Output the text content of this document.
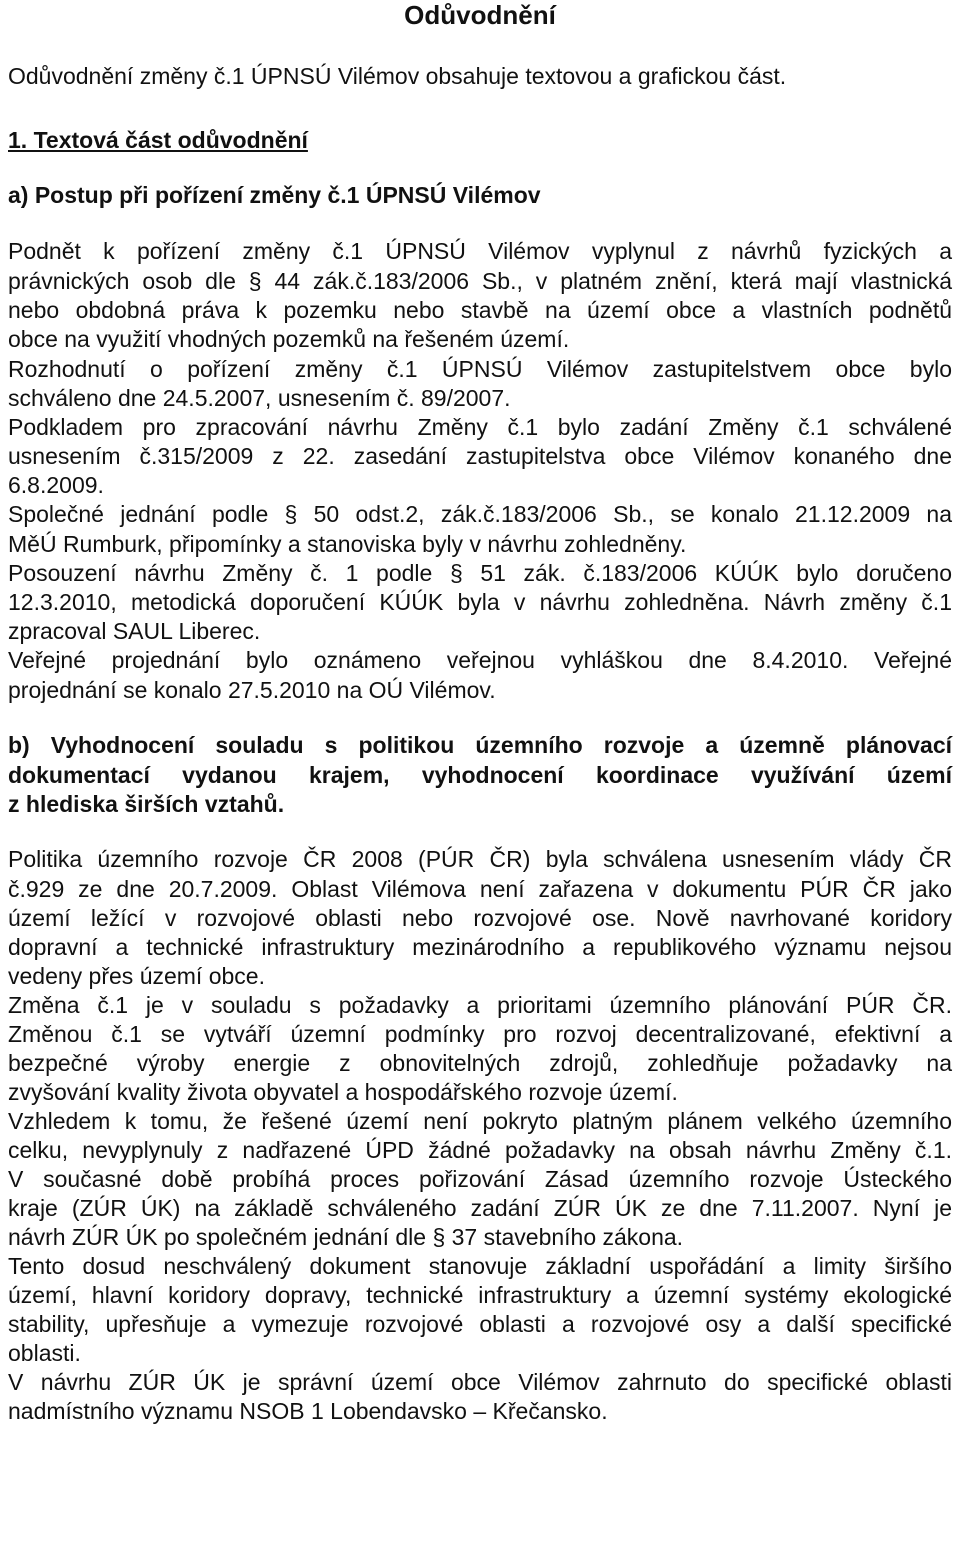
Odůvodnění
Odůvodnění změny č.1 ÚPNSÚ Vilémov obsahuje textovou a grafickou část.
1. Textová část odůvodnění
a) Postup při pořízení změny č.1 ÚPNSÚ Vilémov
Podnět k pořízení změny č.1 ÚPNSÚ Vilémov vyplynul z návrhů fyzických a
právnických osob dle § 44 zák.č.183/2006 Sb., v platném znění, která mají vlastnická
nebo obdobná práva k pozemku nebo stavbě na území obce a vlastních podnětů
obce na využití vhodných pozemků na řešeném území.
Rozhodnutí o pořízení změny č.1 ÚPNSÚ Vilémov zastupitelstvem obce bylo
schváleno dne 24.5.2007, usnesením č. 89/2007.
Podkladem pro zpracování návrhu Změny č.1 bylo zadání Změny č.1 schválené
usnesením č.315/2009 z 22. zasedání zastupitelstva obce Vilémov konaného dne
6.8.2009.
Společné jednání podle § 50 odst.2, zák.č.183/2006 Sb., se konalo 21.12.2009 na
MěÚ Rumburk, připomínky a stanoviska byly v návrhu zohledněny.
Posouzení návrhu Změny č. 1 podle § 51 zák. č.183/2006 KÚÚK bylo doručeno
12.3.2010, metodická doporučení KÚÚK byla v návrhu zohledněna. Návrh změny č.1
zpracoval SAUL Liberec.
Veřejné projednání bylo oznámeno veřejnou vyhláškou dne 8.4.2010. Veřejné
projednání se konalo 27.5.2010 na OÚ Vilémov.
b) Vyhodnocení souladu s politikou územního rozvoje a územně plánovací
dokumentací vydanou krajem, vyhodnocení koordinace využívání území
z hlediska širších vztahů.
Politika územního rozvoje ČR 2008 (PÚR ČR) byla schválena usnesením vlády ČR
č.929 ze dne 20.7.2009. Oblast Vilémova není zařazena v dokumentu PÚR ČR jako
území ležící v rozvojové oblasti nebo rozvojové ose. Nově navrhované koridory
dopravní a technické infrastruktury mezinárodního a republikového významu nejsou
vedeny přes území obce.
Změna č.1 je v souladu s požadavky a prioritami územního plánování PÚR ČR.
Změnou č.1 se vytváří územní podmínky pro rozvoj decentralizované, efektivní a
bezpečné výroby energie z obnovitelných zdrojů, zohledňuje požadavky na
zvyšování kvality života obyvatel a hospodářského rozvoje území.
Vzhledem k tomu, že řešené území není pokryto platným plánem velkého územního
celku, nevyplynuly z nadřazené ÚPD žádné požadavky na obsah návrhu Změny č.1.
V současné době probíhá proces pořizování Zásad územního rozvoje Ústeckého
kraje (ZÚR ÚK) na základě schváleného zadání ZÚR ÚK ze dne 7.11.2007. Nyní je
návrh ZÚR ÚK po společném jednání dle § 37 stavebního zákona.
Tento dosud neschválený dokument stanovuje základní uspořádání a limity širšího
území, hlavní koridory dopravy, technické infrastruktury a územní systémy ekologické
stability, upřesňuje a vymezuje rozvojové oblasti a rozvojové osy a další specifické
oblasti.
V návrhu ZÚR ÚK je správní území obce Vilémov zahrnuto do specifické oblasti
nadmístního významu NSOB 1 Lobendavsko – Křečansko.
